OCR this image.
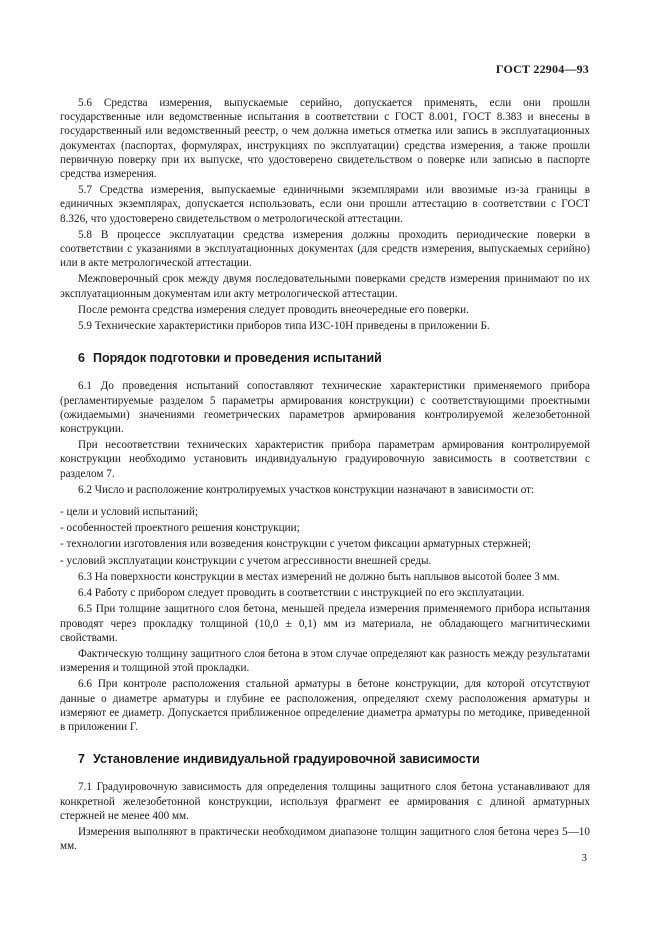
ГОСТ 22904—93

5.6 Средства измерения, выпускаемые серийно, допускается применять, если они прошли государственные или ведомственные испытания в соответствии с ГОСТ 8.001, ГОСТ 8.383 и внесены в государственный или ведомственный реестр, о чем должна иметься отметка или запись в эксплуатационных документах (паспортах, формулярах, инструкциях по эксплуатации) средства измерения, а также прошли первичную поверку при их выпуске, что удостоверено свидетельством о поверке или записью в паспорте средства измерения.

5.7 Средства измерения, выпускаемые единичными экземплярами или ввозимые из-за границы в единичных экземплярах, допускается использовать, если они прошли аттестацию в соответствии с ГОСТ 8.326, что удостоверено свидетельством о метрологической аттестации.

5.8 В процессе эксплуатации средства измерения должны проходить периодические поверки в соответствии с указаниями в эксплуатационных документах (для средств измерения, выпускаемых серийно) или в акте метрологической аттестации.

Межповерочный срок между двумя последовательными поверками средств измерения принимают по их эксплуатационным документам или акту метрологической аттестации.

После ремонта средства измерения следует проводить внеочередные его поверки.

5.9 Технические характеристики приборов типа ИЗС-10Н приведены в приложении Б.

6 Порядок подготовки и проведения испытаний

6.1 До проведения испытаний сопоставляют технические характеристики применяемого прибора (регламентируемые разделом 5 параметры армирования конструкции) с соответствующими проектными (ожидаемыми) значениями геометрических параметров армирования контролируемой железобетонной конструкции.

При несоответствии технических характеристик прибора параметрам армирования контролируемой конструкции необходимо установить индивидуальную градуировочную зависимость в соответствии с разделом 7.

6.2 Число и расположение контролируемых участков конструкции назначают в зависимости от:

- цели и условий испытаний;

- особенностей проектного решения конструкции;

- технологии изготовления или возведения конструкции с учетом фиксации арматурных стержней;

- условий эксплуатации конструкции с учетом агрессивности внешней среды.

6.3 На поверхности конструкции в местах измерений не должно быть наплывов высотой более 3 мм.

6.4 Работу с прибором следует проводить в соответствии с инструкцией по его эксплуатации.

6.5 При толщине защитного слоя бетона, меньшей предела измерения применяемого прибора испытания проводят через прокладку толщиной (10,0 ± 0,1) мм из материала, не обладающего магнитическими свойствами.

Фактическую толщину защитного слоя бетона в этом случае определяют как разность между результатами измерения и толщиной этой прокладки.

6.6 При контроле расположения стальной арматуры в бетоне конструкции, для которой отсутствуют данные о диаметре арматуры и глубине ее расположения, определяют схему расположения арматуры и измеряют ее диаметр. Допускается приближенное определение диаметра арматуры по методике, приведенной в приложении Г.

7 Установление индивидуальной градуировочной зависимости

7.1 Градуировочную зависимость для определения толщины защитного слоя бетона устанавливают для конкретной железобетонной конструкции, используя фрагмент ее армирования с длиной арматурных стержней не менее 400 мм.

Измерения выполняют в практически необходимом диапазоне толщин защитного слоя бетона через 5—10 мм.

3
